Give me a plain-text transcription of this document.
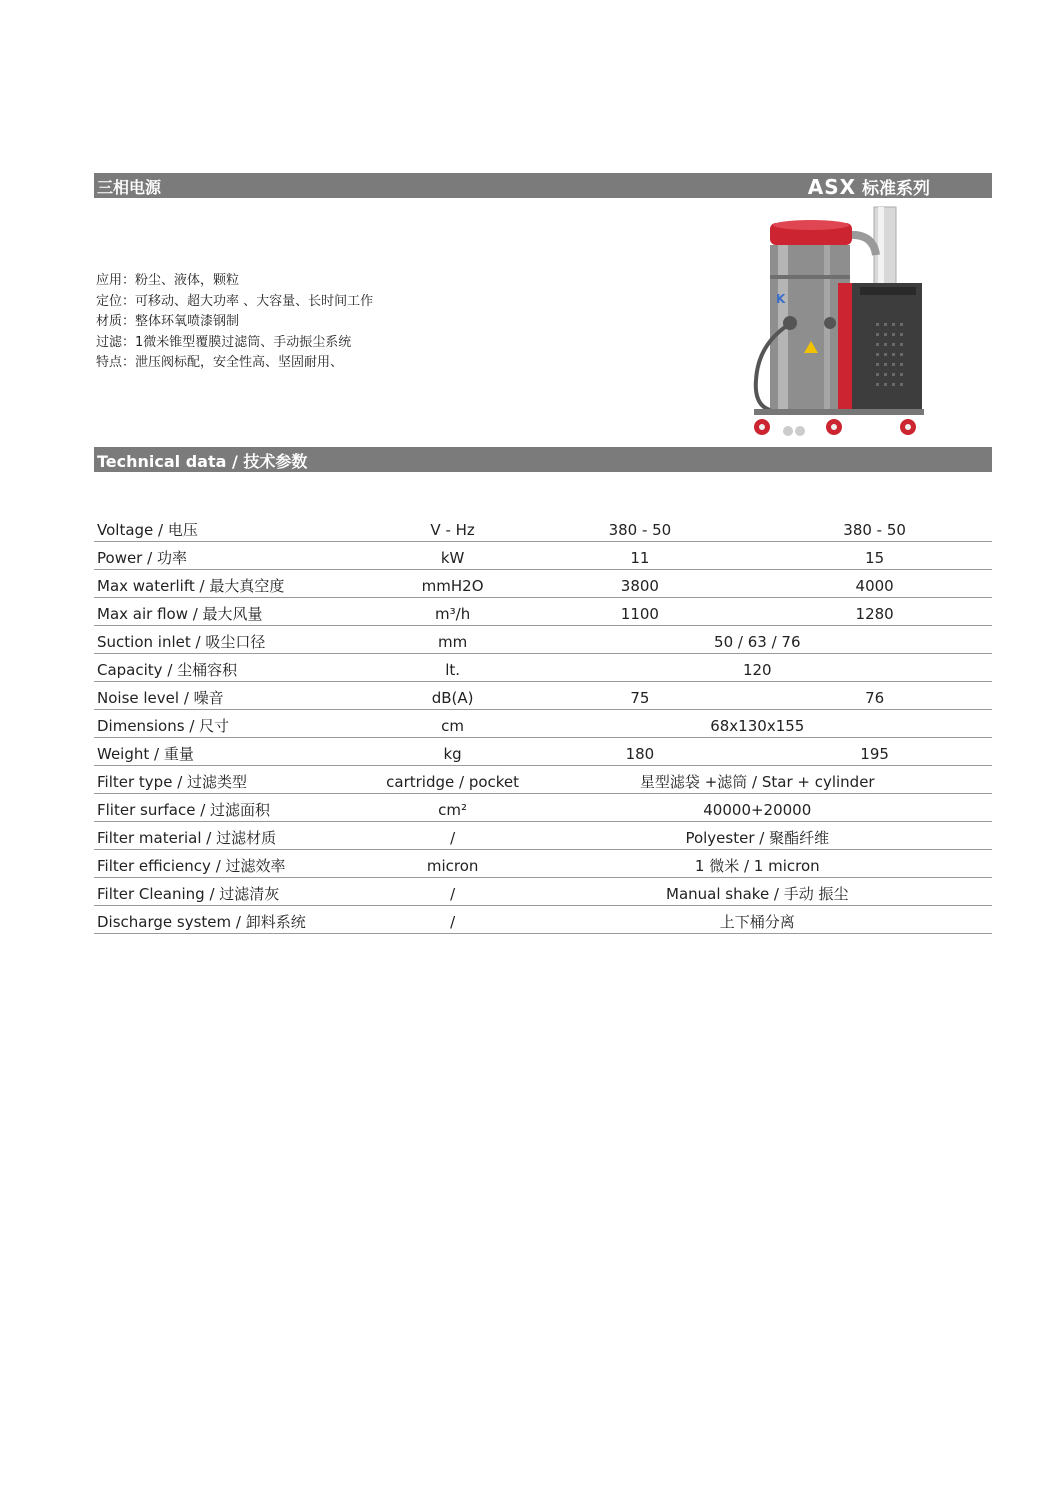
三相电源	ASX 标准系列
应用：粉尘、液体，颗粒
定位：可移动、超大功率 、大容量、长时间工作
材质：整体环氧喷漆钢制
过滤：1微米锥型覆膜过滤筒、手动振尘系统
特点：泄压阀标配，安全性高、坚固耐用、
K
Technical data / 技术参数
Voltage / 电压	V - Hz	380 - 50	380 - 50
Power / 功率	kW	11	15
Max waterlift / 最大真空度	mmH2O	3800	4000
Max air flow / 最大风量	m³/h	1100	1280
Suction inlet / 吸尘口径	mm	50 / 63 / 76	
Capacity / 尘桶容积	lt.	120	
Noise level / 噪音	dB(A)	75	76
Dimensions / 尺寸	cm	68x130x155	
Weight / 重量	kg	180	195
Filter type / 过滤类型	cartridge / pocket	星型滤袋 +滤筒 / Star + cylinder	
Fliter surface / 过滤面积	cm²	40000+20000	
Filter material / 过滤材质	/	Polyester / 聚酯纤维	
Filter efficiency / 过滤效率	micron	1 微米 / 1 micron	
Filter Cleaning / 过滤清灰	/	Manual shake / 手动 振尘	
Discharge system / 卸料系统	/	上下桶分离	
